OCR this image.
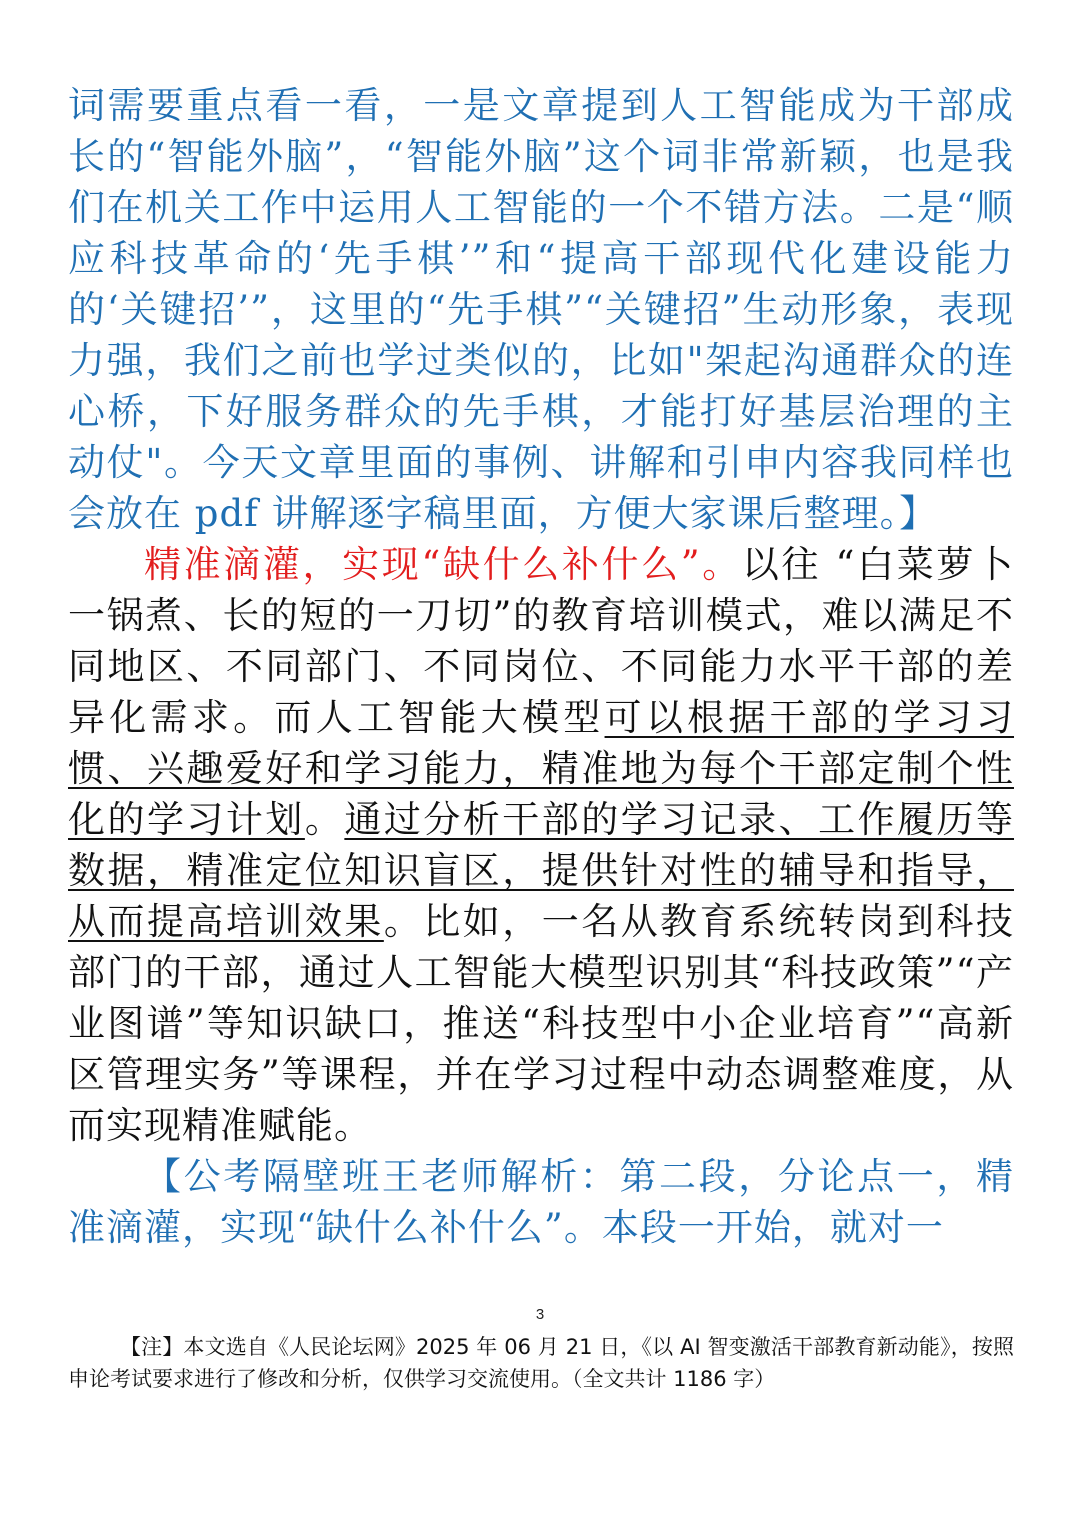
词需要重点看一看，一是文章提到人工智能成为干部成长的“智能外脑”，“智能外脑”这个词非常新颖，也是我们在机关工作中运用人工智能的一个不错方法。二是“顺应科技革命的‘先手棋’”和“提高干部现代化建设能力的‘关键招’”，这里的“先手棋”“关键招”生动形象，表现力强，我们之前也学过类似的，比如"架起沟通群众的连心桥，下好服务群众的先手棋，才能打好基层治理的主动仗"。今天文章里面的事例、讲解和引申内容我同样也会放在 pdf 讲解逐字稿里面，方便大家课后整理。】

精准滴灌，实现“缺什么补什么”。以往 “白菜萝卜一锅煮、长的短的一刀切”的教育培训模式，难以满足不同地区、不同部门、不同岗位、不同能力水平干部的差异化需求。而人工智能大模型可以根据干部的学习习惯、兴趣爱好和学习能力，精准地为每个干部定制个性化的学习计划。通过分析干部的学习记录、工作履历等数据，精准定位知识盲区，提供针对性的辅导和指导，从而提高培训效果。比如，一名从教育系统转岗到科技部门的干部，通过人工智能大模型识别其“科技政策”“产业图谱”等知识缺口，推送“科技型中小企业培育”“高新区管理实务”等课程，并在学习过程中动态调整难度，从而实现精准赋能。

【公考隔壁班王老师解析：第二段，分论点一，精准滴灌，实现“缺什么补什么”。本段一开始，就对一

3
【注】本文选自《人民论坛网》2025 年 06 月 21 日，《以 AI 智变激活干部教育新动能》，按照申论考试要求进行了修改和分析，仅供学习交流使用。（全文共计 1186 字）
